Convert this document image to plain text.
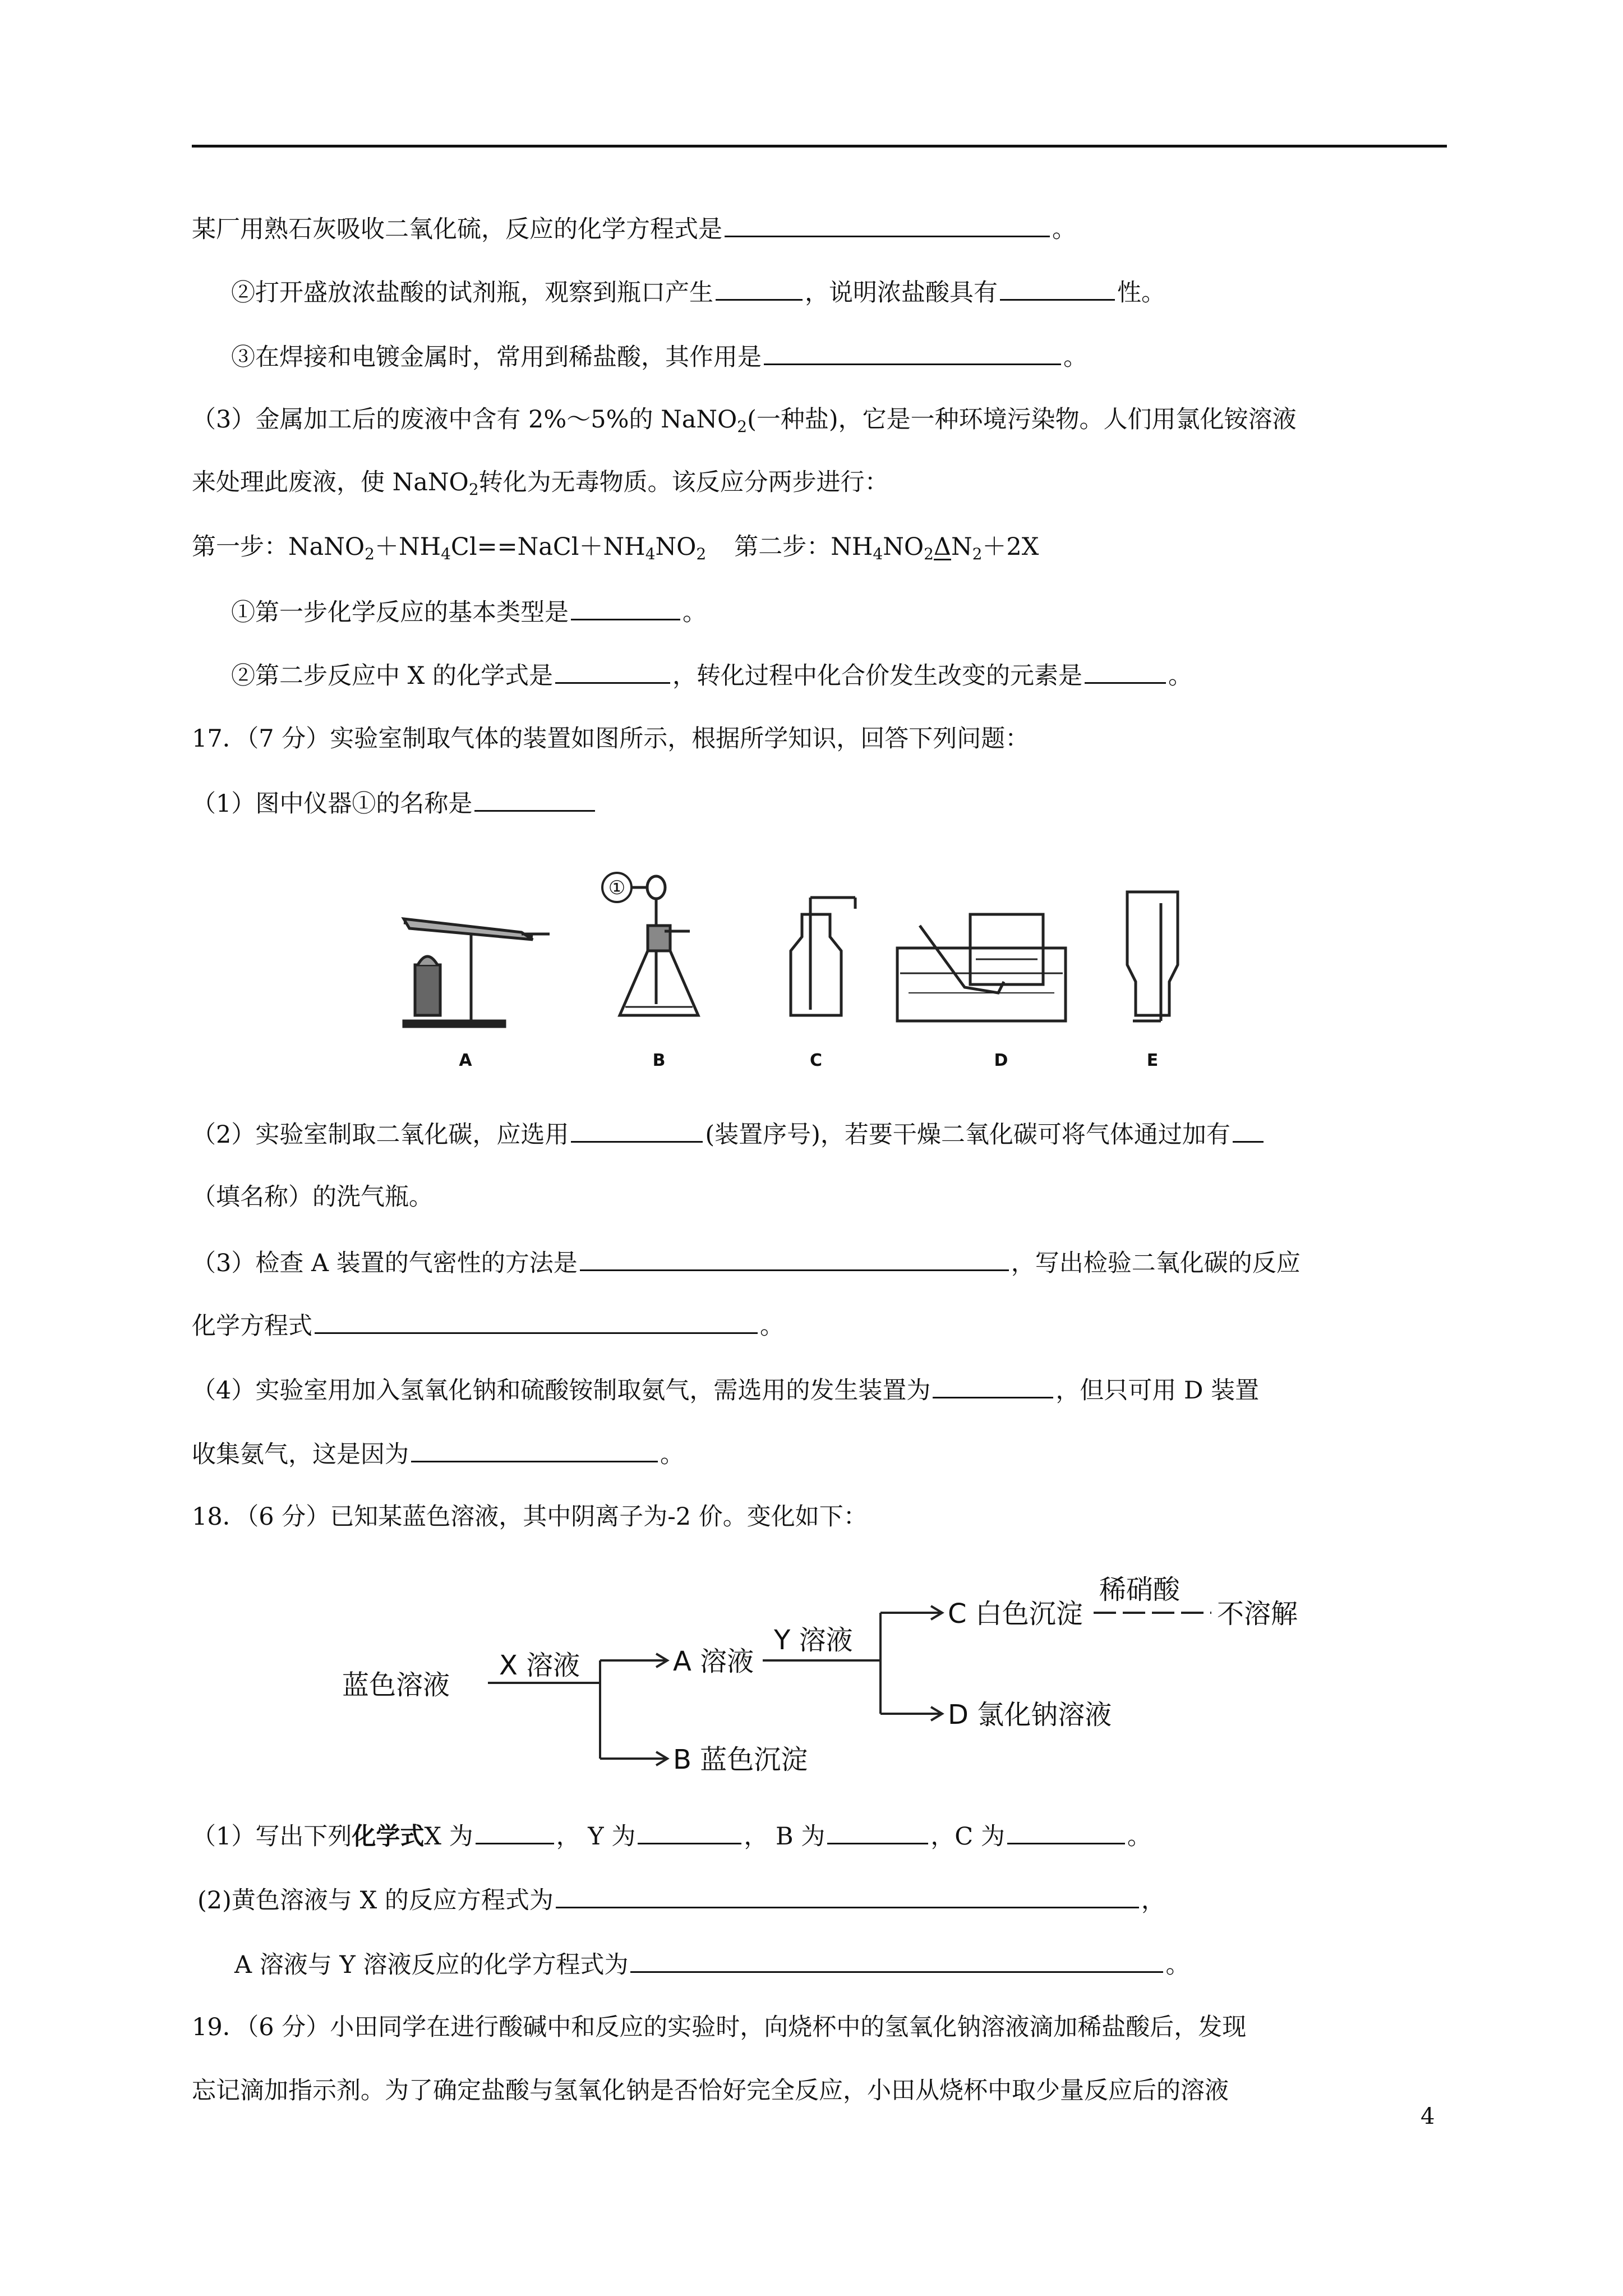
某厂用熟石灰吸收二氧化硫，反应的化学方程式是	。
②打开盛放浓盐酸的试剂瓶，观察到瓶口产生	，说明浓盐酸具有	性。
③在焊接和电镀金属时，常用到稀盐酸，其作用是	。
（3）金属加工后的废液中含有 2%～5%的 NaNO$_2$(一种盐)，它是一种环境污染物。人们用氯化铵溶液
来处理此废液，使 NaNO$_2$转化为无毒物质。该反应分两步进行：
第一步：$NaNO_2+NH_4Cl==NaCl+NH_4NO_2$ 第二步：$NH_4NO_2\Delta$
$N_2+2X$
①第一步化学反应的基本类型是	。
②第二步反应中 X 的化学式是	，转化过程中化合价发生改变的元素是	。
17．（7 分）实验室制取气体的装置如图所示，根据所学知识，回答下列问题：
（1）图中仪器①的名称是
①
A	B	C	D	E
（2）实验室制取二氧化碳，应选用	(装置序号)，若要干燥二氧化碳可将气体通过加有
（填名称）的洗气瓶。
（3）检查 A 装置的气密性的方法是	，写出检验二氧化碳的反应
化学方程式	。
（4）实验室用加入氢氧化钠和硫酸铵制取氨气，需选用的发生装置为	，但只可用 D 装置
收集氨气，这是因为	。
18．（6 分）已知某蓝色溶液，其中阴离子为-2 价。变化如下：
蓝色溶液
X 溶液	A 溶液
B 蓝色沉淀
Y 溶液
C 白色沉淀
稀硝酸
不溶解
D 氯化钠溶液
（1）写出下列化学式X 为	， Y 为	， B 为	，C 为	。
(2)黄色溶液与 X 的反应方程式为	，
A 溶液与 Y 溶液反应的化学方程式为	。
19．（6 分）小田同学在进行酸碱中和反应的实验时，向烧杯中的氢氧化钠溶液滴加稀盐酸后，发现
忘记滴加指示剂。为了确定盐酸与氢氧化钠是否恰好完全反应，小田从烧杯中取少量反应后的溶液
4
